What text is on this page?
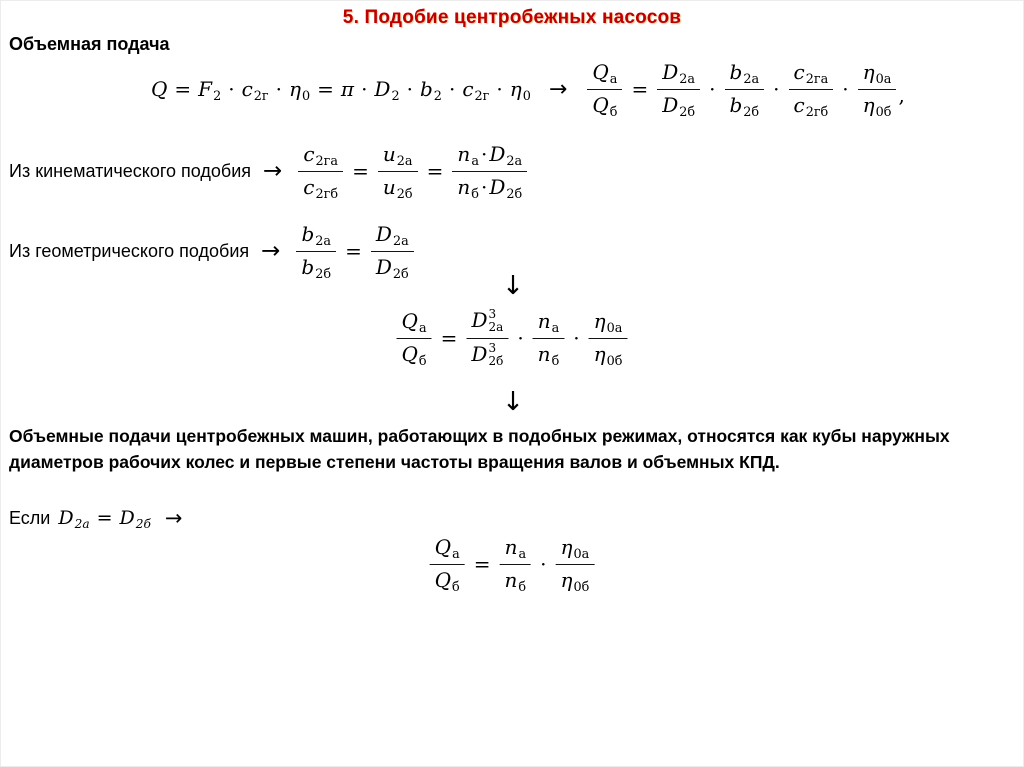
5. Подобие центробежных насосов
Объемная подача
$Q = F_2 \cdot c_{2г} \cdot \eta_0 = \pi \cdot D_2 \cdot b_2 \cdot c_{2г} \cdot \eta_0 \to \frac{Q_а}{Q_б} = \frac{D_{2а}}{D_{2б}} \cdot \frac{b_{2а}}{b_{2б}} \cdot \frac{c_{2га}}{c_{2гб}} \cdot \frac{\eta_{0а}}{\eta_{0б}}$ ,
Из кинематического подобия → $\frac{c_{2га}}{c_{2гб}} = \frac{u_{2а}}{u_{2б}} = \frac{n_а \cdot D_{2а}}{n_б \cdot D_{2б}}$
Из геометрического подобия → $\frac{b_{2а}}{b_{2б}} = \frac{D_{2а}}{D_{2б}}$
↓
$\frac{Q_а}{Q_б} = D$ 3
2а
D 3
$2б \cdot \frac{n_а}{n_б} \cdot \frac{\eta_{0а}}{\eta_{0б}}$
↓
Объемные подачи центробежных машин, работающих в подобных режимах, относятся как кубы наружных диаметров рабочих колес и первые степени частоты вращения валов и объемных КПД.
Если $D_{2а} = D_{2б}$ →
$\frac{Q_а}{Q_б} = \frac{n_а}{n_б} \cdot \frac{\eta_{0а}}{\eta_{0б}}$
